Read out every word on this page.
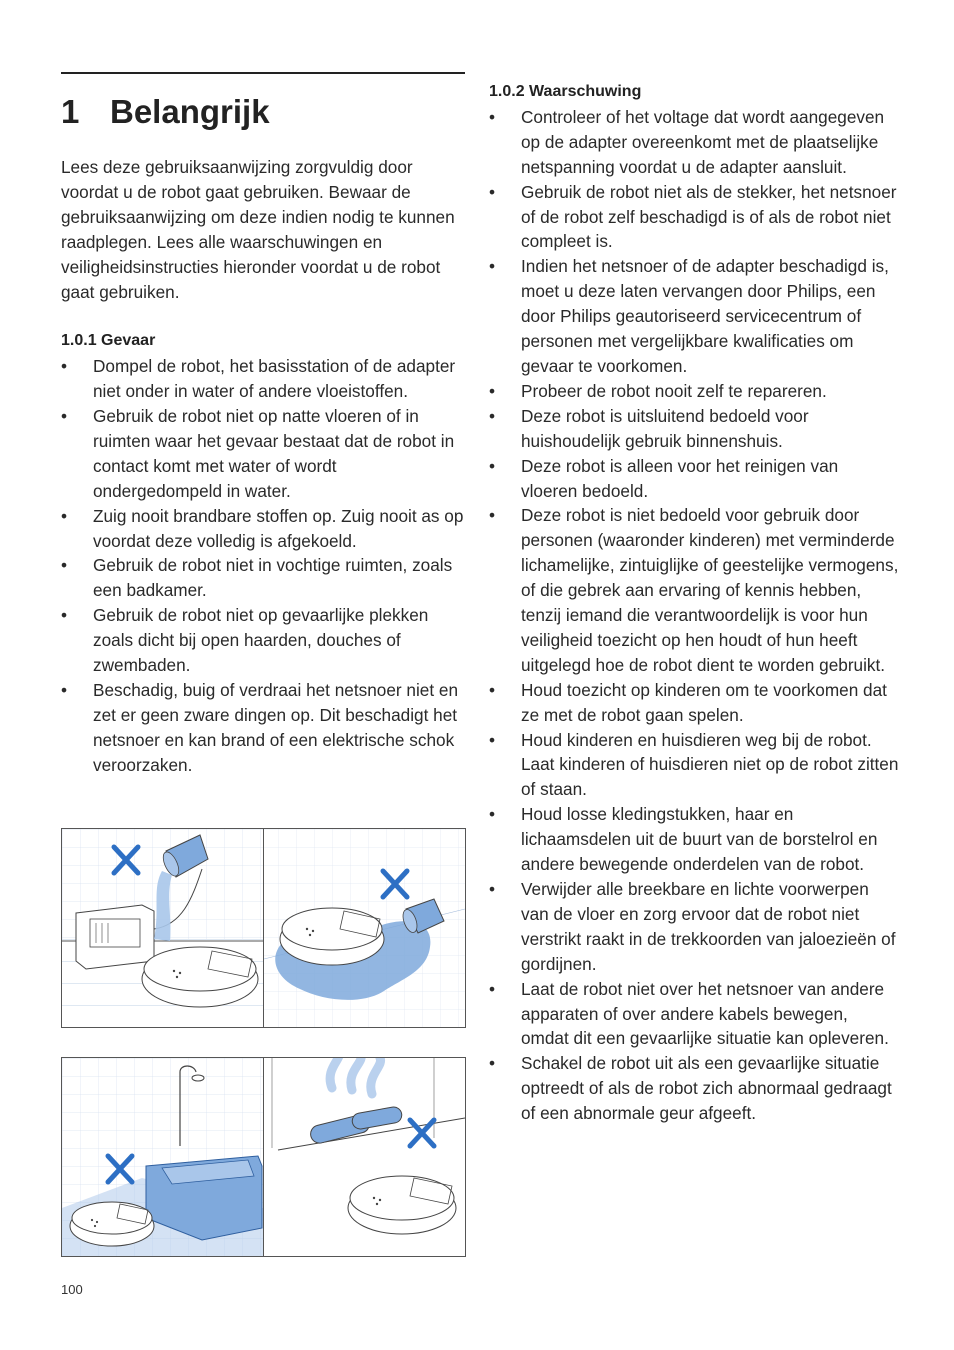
1 Belangrijk

Lees deze gebruiksaanwijzing zorgvuldig door voordat u de robot gaat gebruiken. Bewaar de gebruiksaanwijzing om deze indien nodig te kunnen raadplegen. Lees alle waarschuwingen en veiligheidsinstructies hieronder voordat u de robot gaat gebruiken.

1.0.1 Gevaar
• Dompel de robot, het basisstation of de adapter niet onder in water of andere vloeistoffen.
• Gebruik de robot niet op natte vloeren of in ruimten waar het gevaar bestaat dat de robot in contact komt met water of wordt ondergedompeld in water.
• Zuig nooit brandbare stoffen op. Zuig nooit as op voordat deze volledig is afgekoeld.
• Gebruik de robot niet in vochtige ruimten, zoals een badkamer.
• Gebruik de robot niet op gevaarlijke plekken zoals dicht bij open haarden, douches of zwembaden.
• Beschadig, buig of verdraai het netsnoer niet en zet er geen zware dingen op. Dit beschadigt het netsnoer en kan brand of een elektrische schok veroorzaken.
1.0.2 Waarschuwing
• Controleer of het voltage dat wordt aangegeven op de adapter overeenkomt met de plaatselijke netspanning voordat u de adapter aansluit.
• Gebruik de robot niet als de stekker, het netsnoer of de robot zelf beschadigd is of als de robot niet compleet is.
• Indien het netsnoer of de adapter beschadigd is, moet u deze laten vervangen door Philips, een door Philips geautoriseerd servicecentrum of personen met vergelijkbare kwalificaties om gevaar te voorkomen.
• Probeer de robot nooit zelf te repareren.
• Deze robot is uitsluitend bedoeld voor huishoudelijk gebruik binnenshuis.
• Deze robot is alleen voor het reinigen van vloeren bedoeld.
• Deze robot is niet bedoeld voor gebruik door personen (waaronder kinderen) met verminderde lichamelijke, zintuiglijke of geestelijke vermogens, of die gebrek aan ervaring of kennis hebben, tenzij iemand die verantwoordelijk is voor hun veiligheid toezicht op hen houdt of hun heeft uitgelegd hoe de robot dient te worden gebruikt.
• Houd toezicht op kinderen om te voorkomen dat ze met de robot gaan spelen.
• Houd kinderen en huisdieren weg bij de robot. Laat kinderen of huisdieren niet op de robot zitten of staan.
• Houd losse kledingstukken, haar en lichaamsdelen uit de buurt van de borstelrol en andere bewegende onderdelen van de robot.
• Verwijder alle breekbare en lichte voorwerpen van de vloer en zorg ervoor dat de robot niet verstrikt raakt in de trekkoorden van jaloezieën of gordijnen.
• Laat de robot niet over het netsnoer van andere apparaten of over andere kabels bewegen, omdat dit een gevaarlijke situatie kan opleveren.
• Schakel de robot uit als een gevaarlijke situatie optreedt of als de robot zich abnormaal gedraagt of een abnormale geur afgeeft.
100
